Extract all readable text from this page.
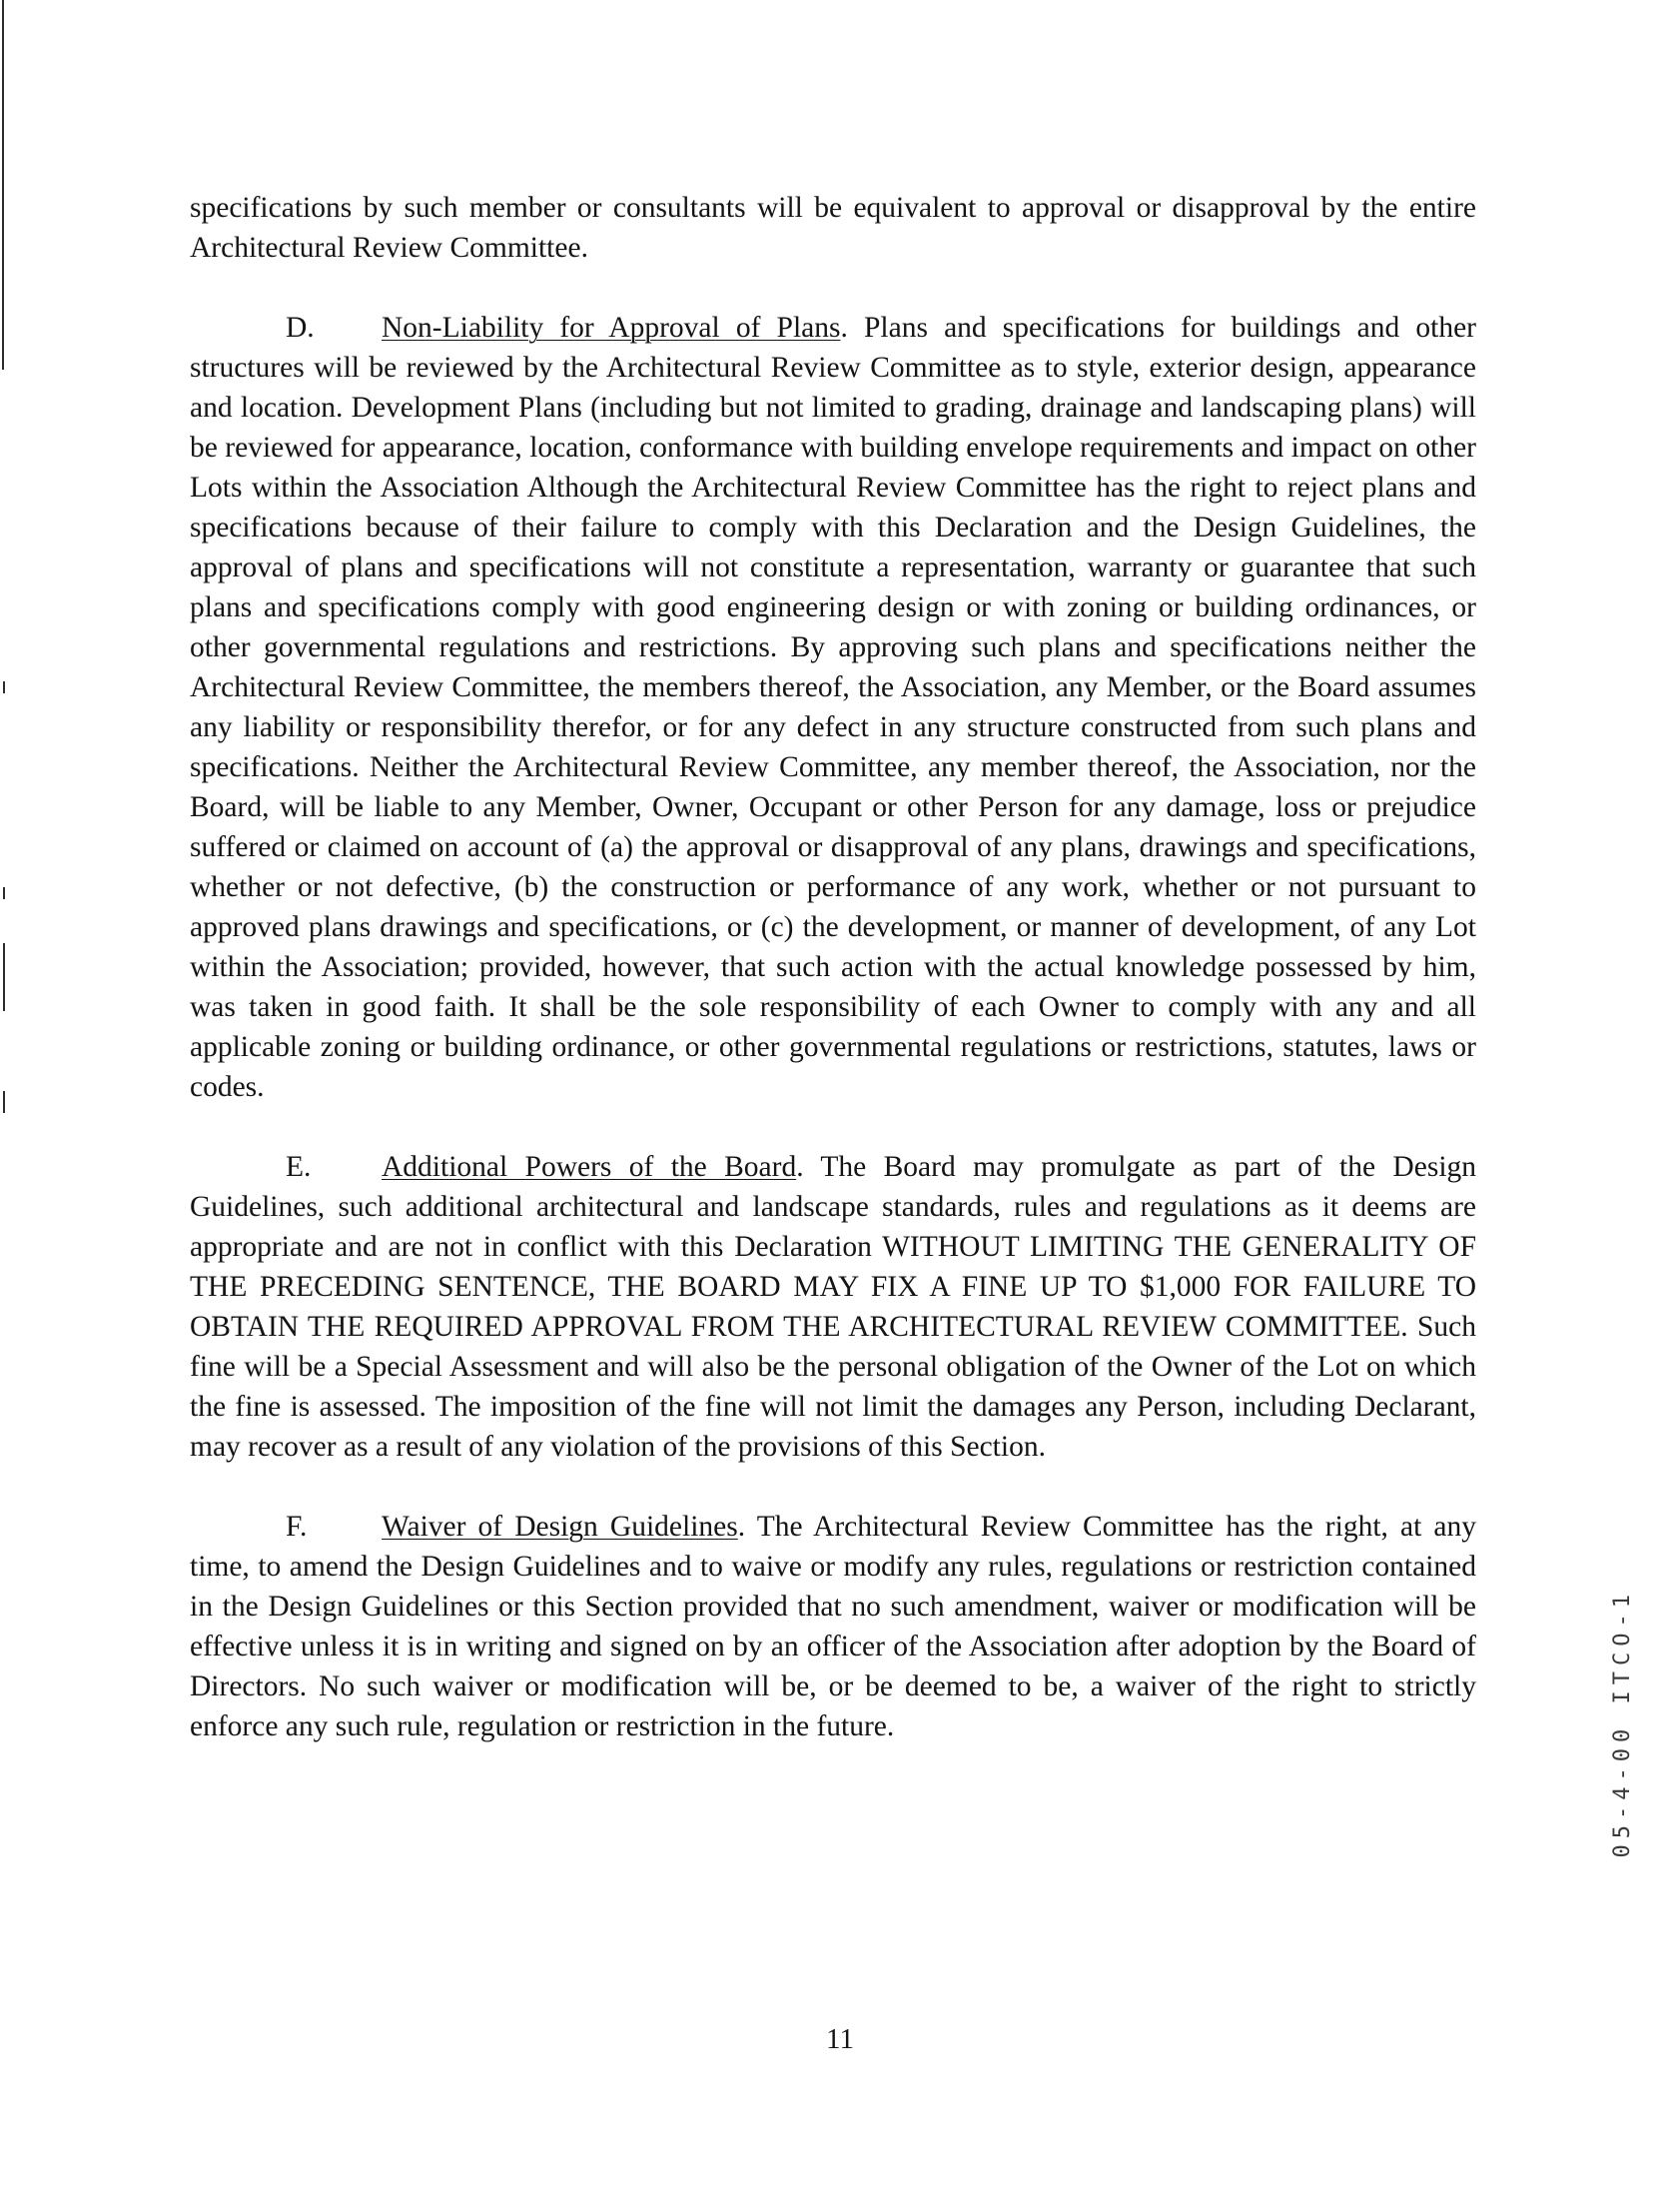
specifications by such member or consultants will be equivalent to approval or disapproval by the entire Architectural Review Committee.

D. Non-Liability for Approval of Plans. Plans and specifications for buildings and other structures will be reviewed by the Architectural Review Committee as to style, exterior design, appearance and location. Development Plans (including but not limited to grading, drainage and landscaping plans) will be reviewed for appearance, location, conformance with building envelope requirements and impact on other Lots within the Association Although the Architectural Review Committee has the right to reject plans and specifications because of their failure to comply with this Declaration and the Design Guidelines, the approval of plans and specifications will not constitute a representation, warranty or guarantee that such plans and specifications comply with good engineering design or with zoning or building ordinances, or other governmental regulations and restrictions. By approving such plans and specifications neither the Architectural Review Committee, the members thereof, the Association, any Member, or the Board assumes any liability or responsibility therefor, or for any defect in any structure constructed from such plans and specifications. Neither the Architectural Review Committee, any member thereof, the Association, nor the Board, will be liable to any Member, Owner, Occupant or other Person for any damage, loss or prejudice suffered or claimed on account of (a) the approval or disapproval of any plans, drawings and specifications, whether or not defective, (b) the construction or performance of any work, whether or not pursuant to approved plans drawings and specifications, or (c) the development, or manner of development, of any Lot within the Association; provided, however, that such action with the actual knowledge possessed by him, was taken in good faith. It shall be the sole responsibility of each Owner to comply with any and all applicable zoning or building ordinance, or other governmental regulations or restrictions, statutes, laws or codes.

E. Additional Powers of the Board. The Board may promulgate as part of the Design Guidelines, such additional architectural and landscape standards, rules and regulations as it deems are appropriate and are not in conflict with this Declaration WITHOUT LIMITING THE GENERALITY OF THE PRECEDING SENTENCE, THE BOARD MAY FIX A FINE UP TO $1,000 FOR FAILURE TO OBTAIN THE REQUIRED APPROVAL FROM THE ARCHITECTURAL REVIEW COMMITTEE. Such fine will be a Special Assessment and will also be the personal obligation of the Owner of the Lot on which the fine is assessed. The imposition of the fine will not limit the damages any Person, including Declarant, may recover as a result of any violation of the provisions of this Section.

F.	Waiver of Design Guidelines. The Architectural Review Committee has the right, at any time, to amend the Design Guidelines and to waive or modify any rules, regulations or restriction contained in the Design Guidelines or this Section provided that no such amendment, waiver or modification will be effective unless it is in writing and signed on by an officer of the Association after adoption by the Board of Directors. No such waiver or modification will be, or be deemed to be, a waiver of the right to strictly enforce any such rule, regulation or restriction in the future.	05-4-00 ITCO-1
11
